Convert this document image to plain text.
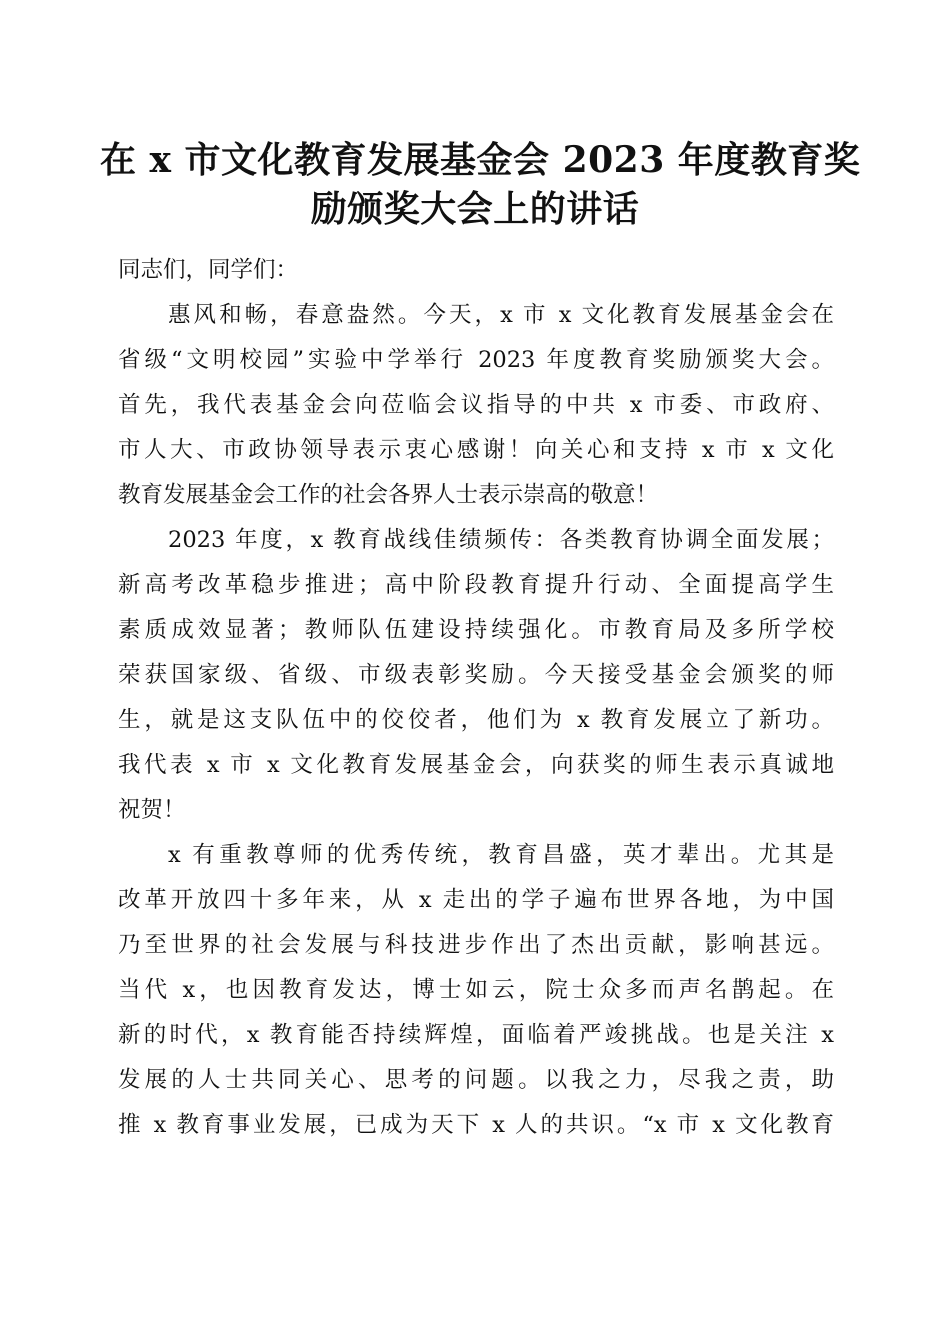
在 x 市文化教育发展基金会 2023 年度教育奖
励颁奖大会上的讲话
同志们，同学们：
惠风和畅，春意盎然。今天，x 市 x 文化教育发展基金会在
省级“文明校园”实验中学举行 2023 年度教育奖励颁奖大会。
首先，我代表基金会向莅临会议指导的中共 x 市委、市政府、
市人大、市政协领导表示衷心感谢！向关心和支持 x 市 x 文化
教育发展基金会工作的社会各界人士表示崇高的敬意！
2023 年度，x 教育战线佳绩频传：各类教育协调全面发展；
新高考改革稳步推进；高中阶段教育提升行动、全面提高学生
素质成效显著；教师队伍建设持续强化。市教育局及多所学校
荣获国家级、省级、市级表彰奖励。今天接受基金会颁奖的师
生，就是这支队伍中的佼佼者，他们为 x 教育发展立了新功。
我代表 x 市 x 文化教育发展基金会，向获奖的师生表示真诚地
祝贺！
x 有重教尊师的优秀传统，教育昌盛，英才辈出。尤其是
改革开放四十多年来，从 x 走出的学子遍布世界各地，为中国
乃至世界的社会发展与科技进步作出了杰出贡献，影响甚远。
当代 x，也因教育发达，博士如云，院士众多而声名鹊起。在
新的时代，x 教育能否持续辉煌，面临着严竣挑战。也是关注 x
发展的人士共同关心、思考的问题。以我之力，尽我之责，助
推 x 教育事业发展，已成为天下 x 人的共识。“x 市 x 文化教育
